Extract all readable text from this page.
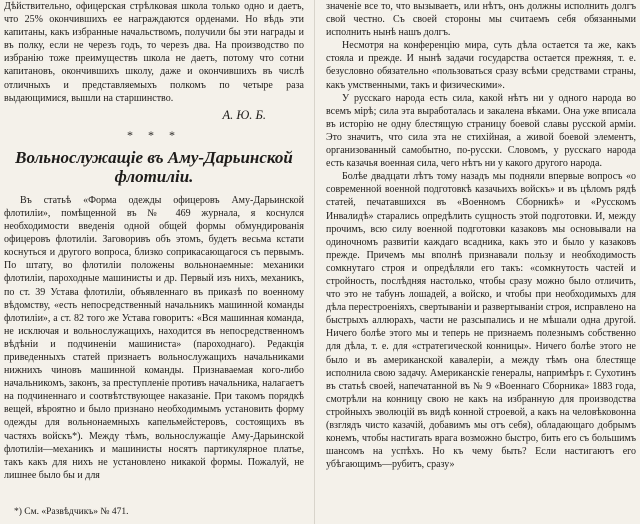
Дѣйствительно, офицерская стрѣлковая школа только одно и даетъ, что 25% окончившихъ ее награждаются орденами. Но вѣдь эти капитаны, какъ избранные начальствомъ, получили бы эти награды и въ полку, если не черезъ годъ, то черезъ два. На производство по избранію тоже преимуществъ школа не даетъ, потому что сотни капитановъ, окончившихъ школу, даже и окончившихъ въ числѣ отличныхъ и представляемыхъ полкомъ по четыре раза выдающимися, вышли на старшинство.

А. Ю. Б.
* * *
Вольнослужащіе въ Аму-Дарьинской флотиліи.

Въ статьѣ «Форма одежды офицеровъ Аму-Дарьинской флотиліи», помѣщенной въ № 469 журнала, я коснулся необходимости введенія одной общей формы обмундированія офицеровъ флотиліи. Заговоривъ объ этомъ, будетъ весьма кстати коснуться и другого вопроса, близко соприкасающагося съ первымъ. По штату, во флотиліи положены вольнонаемные: механики флотиліи, пароходные машинисты и др. Первый изъ нихъ, механикъ, по ст. 39 Устава флотиліи, объявленнаго въ приказѣ по военному вѣдомству, «есть непосредственный начальникъ машинной команды флотиліи», а ст. 82 того же Устава говоритъ: «Вся машинная команда, не исключая и вольнослужащихъ, находится въ непосредственномъ вѣдѣніи и подчиненіи машиниста» (пароходнаго). Редакція приведенныхъ статей признаетъ вольнослужащихъ начальниками нижнихъ чиновъ машинной команды. Признаваемая кого-либо начальникомъ, законъ, за преступленіе противъ начальника, налагаетъ на подчиненнаго и соотвѣтствующее наказаніе. При такомъ порядкѣ вещей, вѣроятно и было признано необходимымъ установить форму одежды для вольнонаемныхъ капельмейстеровъ, состоящихъ въ частяхъ войскъ*). Между тѣмъ, вольнослужащіе Аму-Дарьинской флотиліи—механикъ и машинисты носятъ партикулярное платье, такъ какъ для нихъ не установлено никакой формы. Пожалуй, не лишнее было бы и для

значеніе все то, что вызываетъ, или нѣтъ, онъ должны исполнить долгъ свой честно. Съ своей стороны мы считаемъ себя обязанными исполнить нынѣ нашъ долгъ.

Несмотря на конференцію мира, суть дѣла остается та же, какъ стояла и прежде. И нынѣ задачи государства остается прежняя, т. е. безусловно обязательно «пользоваться сразу всѣми средствами страны, какъ умственными, такъ и физическими».

У русскаго народа есть сила, какой нѣтъ ни у одного народа во всемъ мірѣ; сила эта выработалась и закалена вѣками. Она уже вписала въ исторію не одну блестящую страницу боевой славы русской арміи. Это значитъ, что сила эта не стихійная, а живой боевой элементъ, организованный самобытно, по-русски. Словомъ, у русскаго народа есть казачья военная сила, чего нѣтъ ни у какого другого народа.

Болѣе двадцати лѣтъ тому назадъ мы подняли впервые вопросъ «о современной военной подготовкѣ казачьихъ войскъ» и въ цѣломъ рядѣ статей, печатавшихся въ «Военномъ Сборникѣ» и «Русскомъ Инвалидѣ» старались опредѣлить сущность этой подготовки. И, между прочимъ, всю силу военной подготовки казаковъ мы основывали на одиночномъ развитіи каждаго всадника, какъ это и было у казаковъ прежде. Причемъ мы вполнѣ признавали пользу и необходимость сомкнутаго строя и опредѣляли его такъ: «сомкнутость частей и стройность, послѣдняя настолько, чтобы сразу можно было отличить, что это не табунъ лошадей, а войско, и чтобы при необходимыхъ для дѣла перестроеніяхъ, свертываніи и развертываніи строя, исправлено на быстрыхъ аллюрахъ, части не разсыпались и не мѣшали одна другой. Ничего болѣе этого мы и теперь не признаемъ полезнымъ собственно для дѣла, т. е. для «стратегической конницы». Ничего болѣе этого не было и въ американской кавалеріи, а между тѣмъ она блестяще исполнила свою задачу. Американскіе генералы, напримѣръ г. Сухотинъ въ статьѣ своей, напечатанной въ № 9 «Военнаго Сборника» 1883 года, смотрѣли на конницу свою не какъ на избранную для производства стройныхъ эволюцій въ видѣ конной строевой, а какъ на человѣковонна (взглядъ чисто казачій, добавимъ мы отъ себя), обладающаго добрымъ конемъ, чтобы настигать врага возможно быстро, бить его съ большимъ шансомъ на успѣхъ. Но къ чему быть? Если настигаютъ его убѣгающимъ—рубитъ, сразу»

*) См. «Развѣдчикъ» № 471.
